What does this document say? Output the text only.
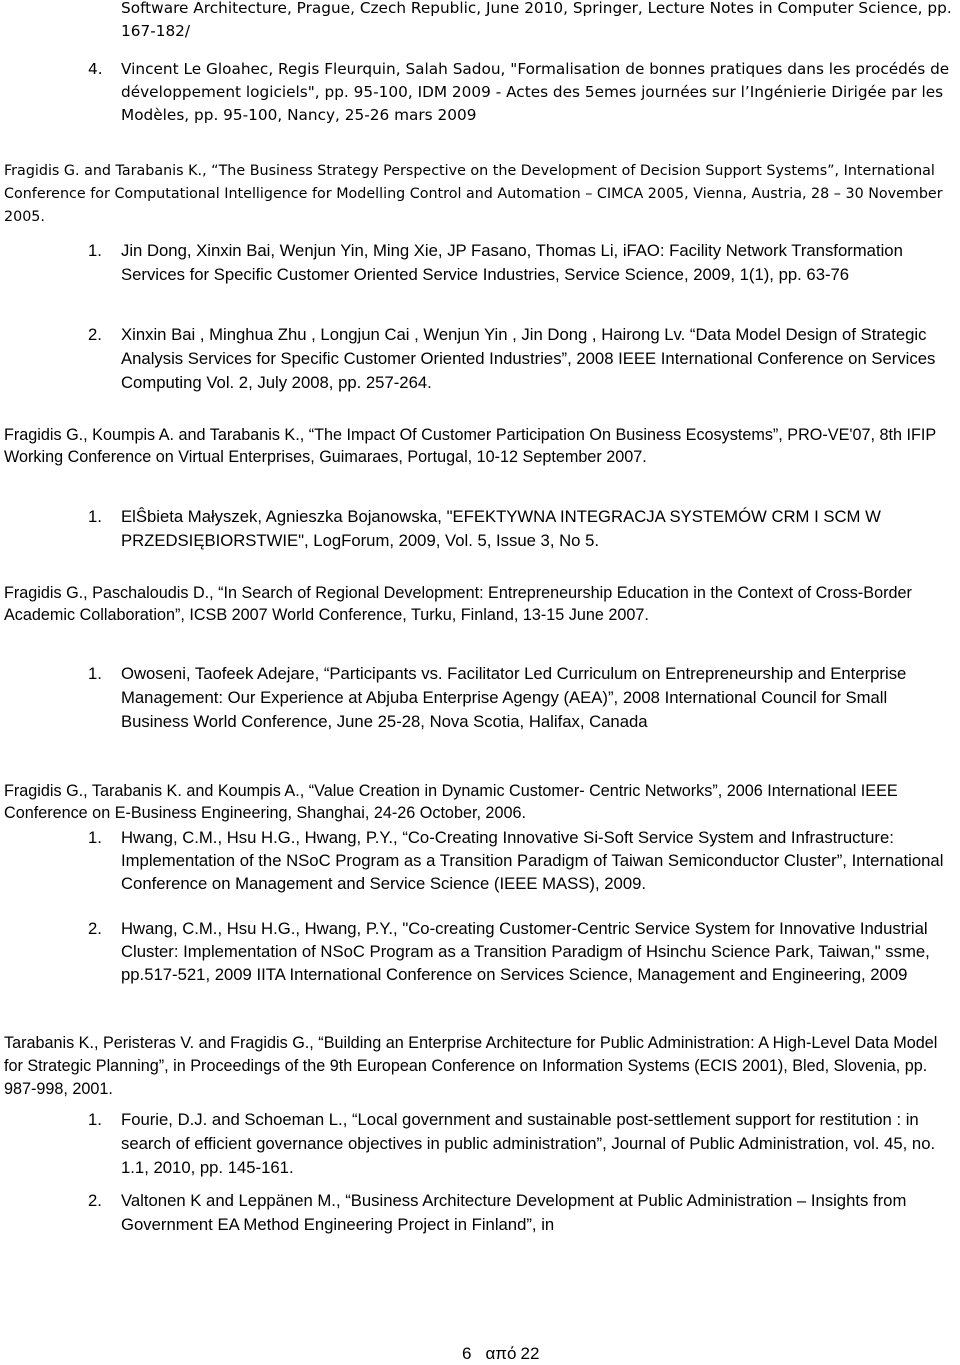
Software Architecture, Prague, Czech Republic, June 2010, Springer, Lecture Notes in Computer Science, pp. 167-182/
4.	Vincent Le Gloahec, Regis Fleurquin, Salah Sadou, "Formalisation de bonnes pratiques dans les procédés de développement logiciels", pp. 95-100, IDM 2009 - Actes des 5emes journées sur l’Ingénierie Dirigée par les Modèles, pp. 95-100, Nancy, 25-26 mars 2009

Fragidis G. and Tarabanis K., “The Business Strategy Perspective on the Development of Decision Support Systems”, International Conference for Computational Intelligence for Modelling Control and Automation – CIMCA 2005, Vienna, Austria, 28 – 30 November 2005.

1.	Jin Dong, Xinxin Bai, Wenjun Yin, Ming Xie, JP Fasano, Thomas Li, iFAO: Facility Network Transformation Services for Specific Customer Oriented Service Industries, Service Science, 2009, 1(1), pp. 63-76
2.	Xinxin Bai , Minghua Zhu , Longjun Cai , Wenjun Yin , Jin Dong , Hairong Lv. “Data Model Design of Strategic Analysis Services for Specific Customer Oriented Industries”, 2008 IEEE International Conference on Services Computing Vol. 2, July 2008, pp. 257-264.

Fragidis G., Koumpis A. and Tarabanis K., “The Impact Of Customer Participation On Business Ecosystems”, PRO-VE'07, 8th IFIP Working Conference on Virtual Enterprises, Guimaraes, Portugal, 10-12 September 2007.

1.	ElŜbieta Małyszek, Agnieszka Bojanowska, "EFEKTYWNA INTEGRACJA SYSTEMÓW CRM I SCM W PRZEDSIĘBIORSTWIE", LogForum, 2009, Vol. 5, Issue 3, No 5.

Fragidis G., Paschaloudis D., “In Search of Regional Development: Entrepreneurship Education in the Context of Cross-Border Academic Collaboration”, ICSB 2007 World Conference, Turku, Finland, 13-15 June 2007.

1.	Owoseni, Taofeek Adejare, “Participants vs. Facilitator Led Curriculum on Entrepreneurship and Enterprise Management: Our Experience at Abjuba Enterprise Agengy (AEA)”, 2008 International Council for Small Business World Conference, June 25-28, Nova Scotia, Halifax, Canada

Fragidis G., Tarabanis K. and Koumpis A., “Value Creation in Dynamic Customer- Centric Networks”, 2006 International IEEE Conference on E-Business Engineering, Shanghai, 24-26 October, 2006.

1.	Hwang, C.M., Hsu H.G., Hwang, P.Y., “Co-Creating Innovative Si-Soft Service System and Infrastructure: Implementation of the NSoC Program as a Transition Paradigm of Taiwan Semiconductor Cluster”, International Conference on Management and Service Science (IEEE MASS), 2009.
2.	Hwang, C.M., Hsu H.G., Hwang, P.Y., "Co-creating Customer-Centric Service System for Innovative Industrial Cluster: Implementation of NSoC Program as a Transition Paradigm of Hsinchu Science Park, Taiwan," ssme, pp.517-521, 2009 IITA International Conference on Services Science, Management and Engineering, 2009

Tarabanis K., Peristeras V. and Fragidis G., “Building an Enterprise Architecture for Public Administration: A High-Level Data Model for Strategic Planning”, in Proceedings of the 9th European Conference on Information Systems (ECIS 2001), Bled, Slovenia, pp. 987-998, 2001.

1.	Fourie, D.J. and Schoeman L., “Local government and sustainable post-settlement support for restitution : in search of efficient governance objectives in public administration”, Journal of Public Administration, vol. 45, no. 1.1, 2010, pp. 145-161.
2.	Valtonen K and Leppänen M., “Business Architecture Development at Public Administration – Insights from Government EA Method Engineering Project in Finland”, in
6 από 22
